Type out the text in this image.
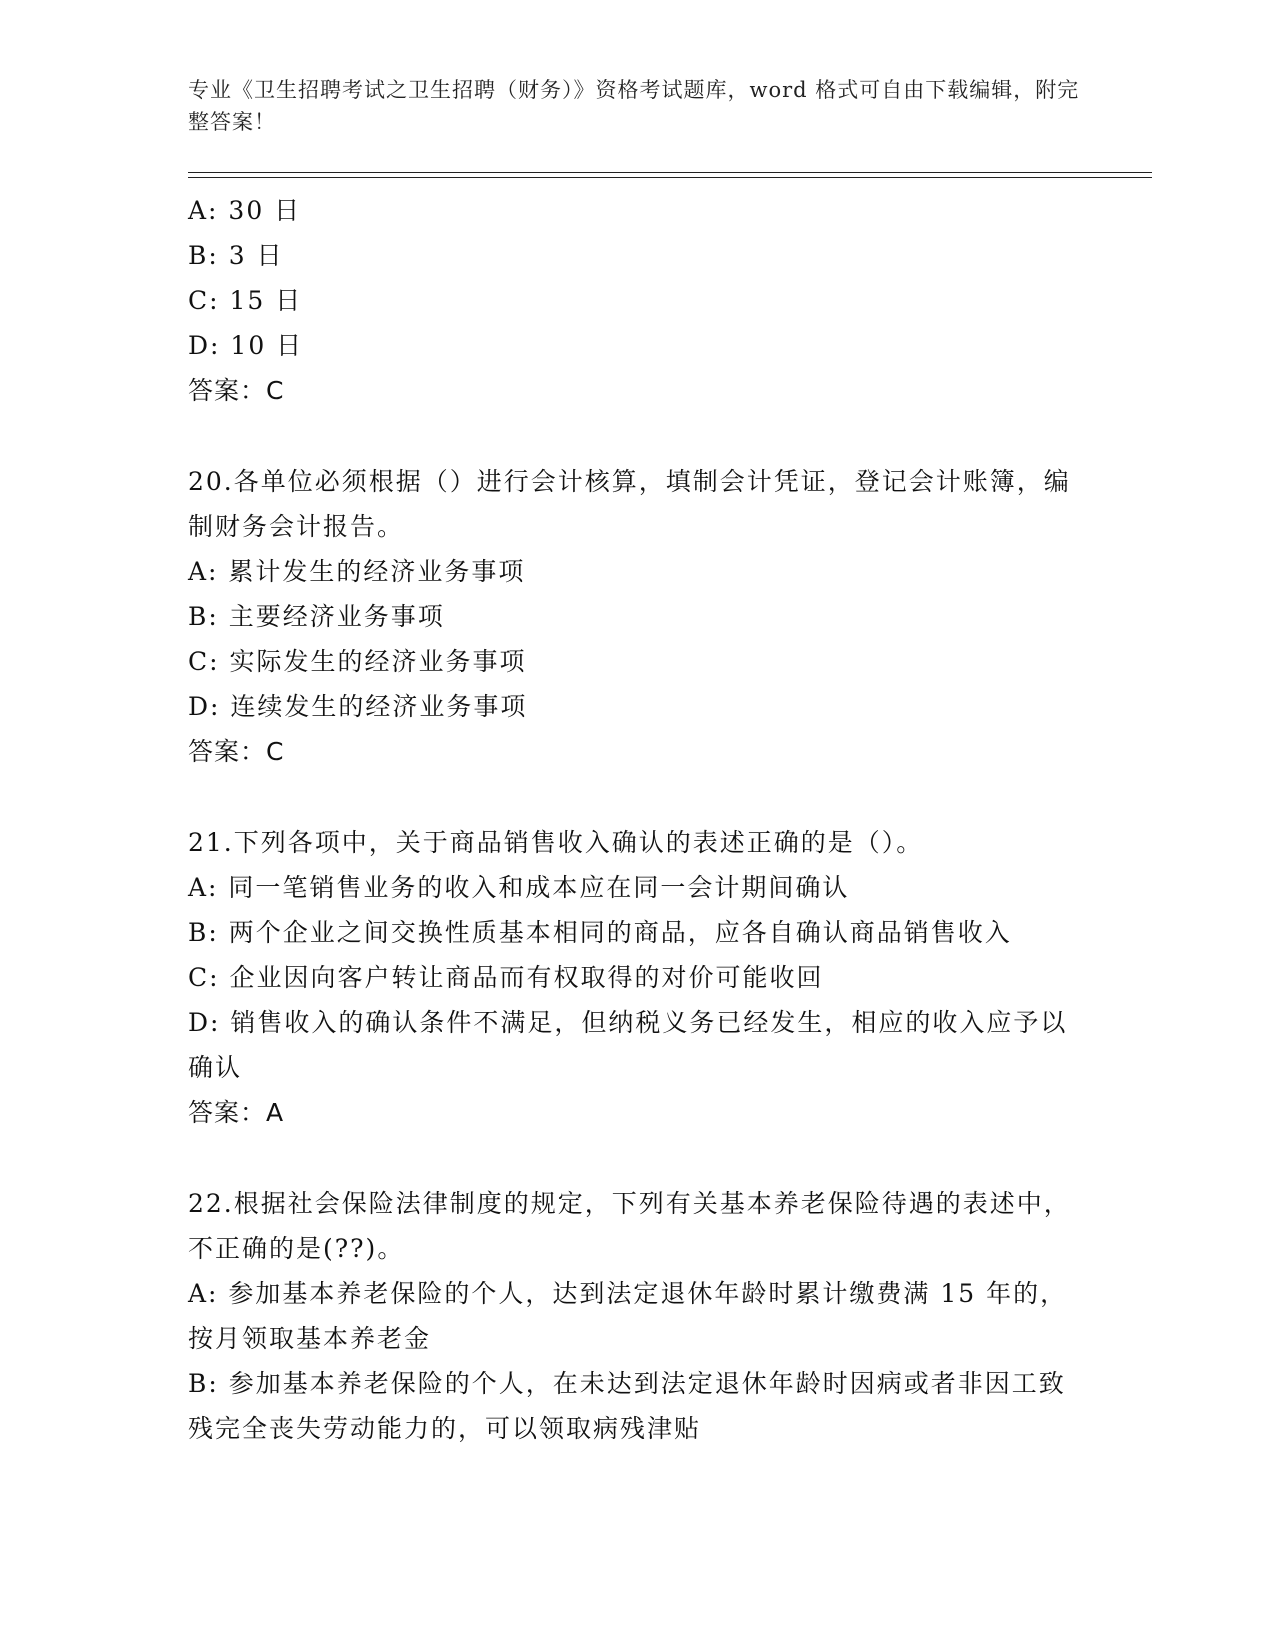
专业《卫生招聘考试之卫生招聘（财务）》资格考试题库，word 格式可自由下载编辑，附完整答案！
A: 30 日
B: 3 日
C: 15 日
D: 10 日
答案：C
20.各单位必须根据（）进行会计核算，填制会计凭证，登记会计账簿，编制财务会计报告。
A: 累计发生的经济业务事项
B: 主要经济业务事项
C: 实际发生的经济业务事项
D: 连续发生的经济业务事项
答案：C
21.下列各项中，关于商品销售收入确认的表述正确的是（）。
A: 同一笔销售业务的收入和成本应在同一会计期间确认
B: 两个企业之间交换性质基本相同的商品，应各自确认商品销售收入
C: 企业因向客户转让商品而有权取得的对价可能收回
D: 销售收入的确认条件不满足，但纳税义务已经发生，相应的收入应予以确认
答案：A
22.根据社会保险法律制度的规定，下列有关基本养老保险待遇的表述中，不正确的是(??)。
A: 参加基本养老保险的个人，达到法定退休年龄时累计缴费满 15 年的，按月领取基本养老金
B: 参加基本养老保险的个人，在未达到法定退休年龄时因病或者非因工致残完全丧失劳动能力的，可以领取病残津贴
